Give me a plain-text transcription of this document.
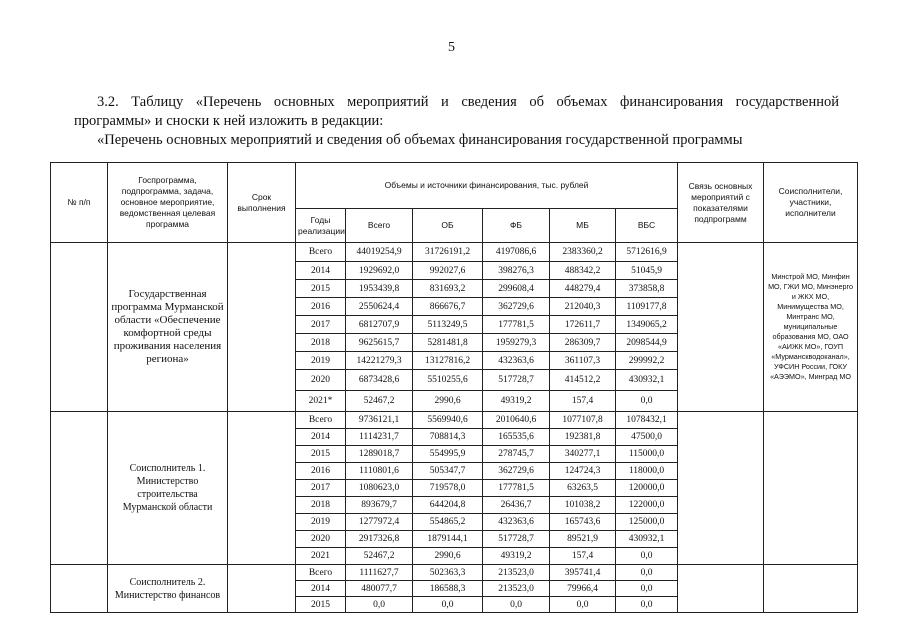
5
3.2. Таблицу «Перечень основных мероприятий и сведения об объемах финансирования государственной
программы» и сноски к ней изложить в редакции:
«Перечень основных мероприятий и сведения об объемах финансирования государственной программы
№ п/п	Госпрограмма, подпрограмма, задача, основное мероприятие, ведомственная целевая программа	Срок выполнения	Объемы и источники финансирования, тыс. рублей						Связь основных мероприятий с показателями подпрограмм	Соисполнители, участники, исполнители
			Годы реализации	Всего	ОБ	ФБ	МБ	ВБС		
	Государственная программа Мурманской области «Обеспечение комфортной среды проживания населения региона»		Всего	44019254,9	31726191,2	4197086,6	2383360,2	5712616,9		Минстрой МО, Минфин МО, ГЖИ МО, Минэнерго и ЖКХ МО, Минимущества МО, Минтранс МО, муниципальные образования МО, ОАО «АИЖК МО», ГОУП «Мурманскводоканал», УФСИН России, ГОКУ «АЭЭМО», Минград МО
			2014	1929692,0	992027,6	398276,3	488342,2	51045,9		
			2015	1953439,8	831693,2	299608,4	448279,4	373858,8		
			2016	2550624,4	866676,7	362729,6	212040,3	1109177,8		
			2017	6812707,9	5113249,5	177781,5	172611,7	1349065,2		
			2018	9625615,7	5281481,8	1959279,3	286309,7	2098544,9		
			2019	14221279,3	13127816,2	432363,6	361107,3	299992,2		
			2020	6873428,6	5510255,6	517728,7	414512,2	430932,1		
			2021*	52467,2	2990,6	49319,2	157,4	0,0		
	Соисполнитель 1. Министерство строительства Мурманской области		Всего	9736121,1	5569940,6	2010640,6	1077107,8	1078432,1		
			2014	1114231,7	708814,3	165535,6	192381,8	47500,0		
			2015	1289018,7	554995,9	278745,7	340277,1	115000,0		
			2016	1110801,6	505347,7	362729,6	124724,3	118000,0		
			2017	1080623,0	719578,0	177781,5	63263,5	120000,0		
			2018	893679,7	644204,8	26436,7	101038,2	122000,0		
			2019	1277972,4	554865,2	432363,6	165743,6	125000,0		
			2020	2917326,8	1879144,1	517728,7	89521,9	430932,1		
			2021	52467,2	2990,6	49319,2	157,4	0,0		
	Соисполнитель 2. Министерство финансов		Всего	1111627,7	502363,3	213523,0	395741,4	0,0		
			2014	480077,7	186588,3	213523,0	79966,4	0,0		
			2015	0,0	0,0	0,0	0,0	0,0		
